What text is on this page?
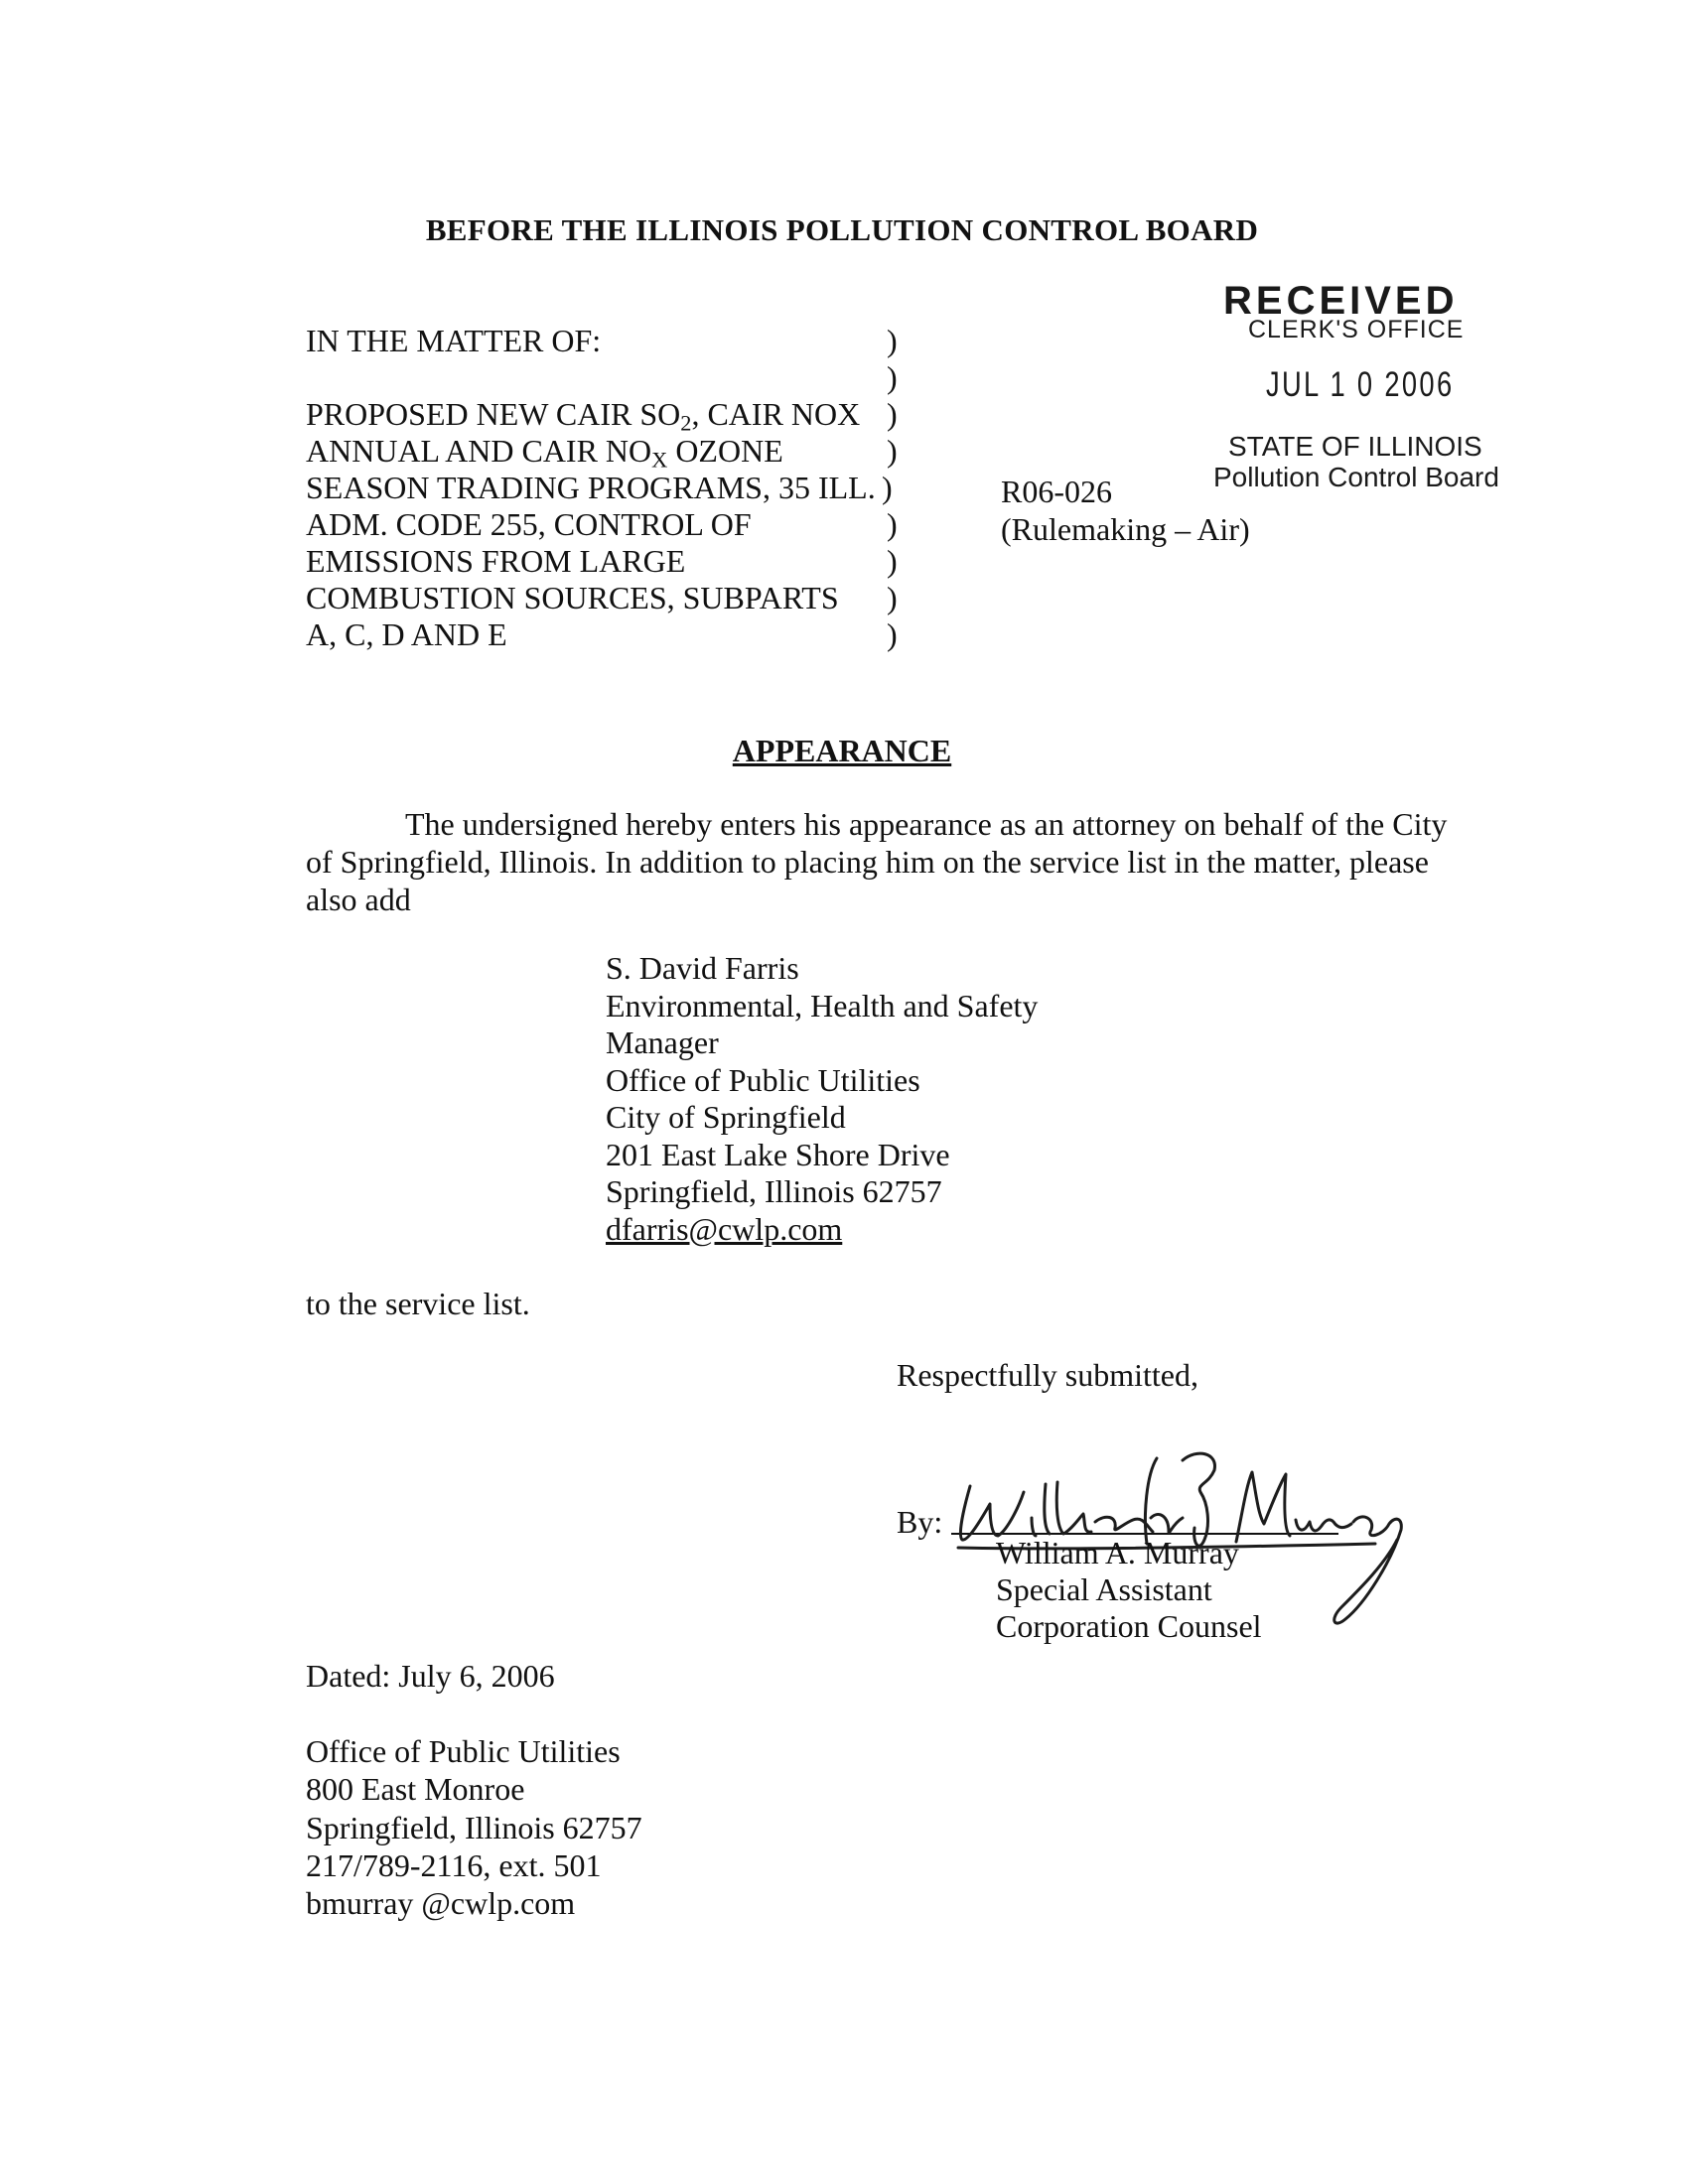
BEFORE THE ILLINOIS POLLUTION CONTROL BOARD
IN THE MATTER OF:
PROPOSED NEW CAIR $SO_2$, CAIR NOX
ANNUAL AND CAIR $NO_X$ OZONE
SEASON TRADING PROGRAMS, 35 ILL.
ADM. CODE 255, CONTROL OF
EMISSIONS FROM LARGE
COMBUSTION SOURCES, SUBPARTS
A, C, D AND E
)
)
)
)
)
)
)
)
)
RECEIVED
CLERK'S OFFICE
JUL 1 0 2006
STATE OF ILLINOIS
Pollution Control Board
R06-026
(Rulemaking – Air)
APPEARANCE

The undersigned hereby enters his appearance as an attorney on behalf of the City

of Springfield, Illinois. In addition to placing him on the service list in the matter, please

also add

S. David Farris
Environmental, Health and Safety
Manager
Office of Public Utilities
City of Springfield
201 East Lake Shore Drive
Springfield, Illinois 62757
dfarris@cwlp.com
to the service list.
Respectfully submitted,
By:
William A. Murray
Special Assistant
Corporation Counsel
Dated: July 6, 2006
Office of Public Utilities
800 East Monroe
Springfield, Illinois 62757
217/789-2116, ext. 501
bmurray @cwlp.com
